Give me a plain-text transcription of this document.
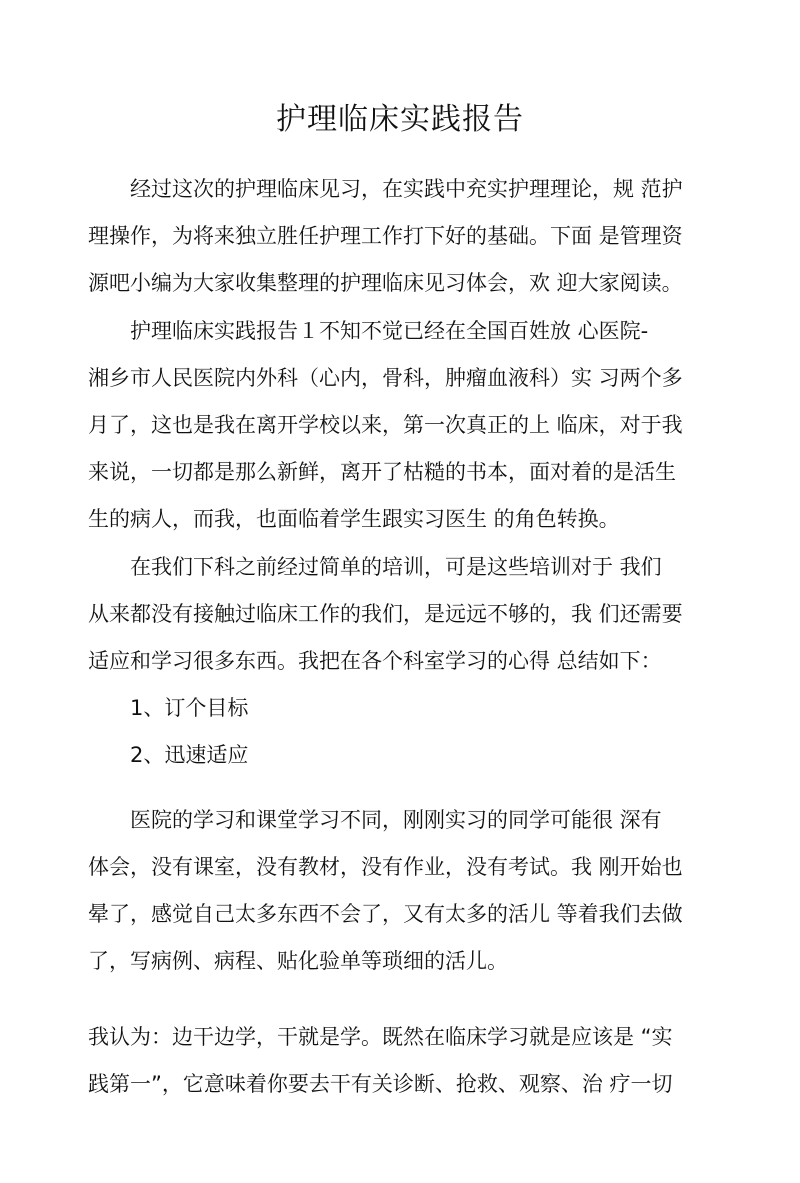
护理临床实践报告
　　经过这次的护理临床见习，在实践中充实护理理论，规 范护
理操作，为将来独立胜任护理工作打下好的基础。下面 是管理资
源吧小编为大家收集整理的护理临床见习体会，欢 迎大家阅读。
　　护理临床实践报告１不知不觉已经在全国百姓放 心医院-
湘乡市人民医院内外科（心内，骨科，肿瘤血液科）实 习两个多
月了，这也是我在离开学校以来，第一次真正的上 临床，对于我
来说，一切都是那么新鲜，离开了枯糙的书本，面对着的是活生
生的病人，而我，也面临着学生跟实习医生 的角色转换。
　　在我们下科之前经过简单的培训，可是这些培训对于 我们
从来都没有接触过临床工作的我们，是远远不够的，我 们还需要
适应和学习很多东西。我把在各个科室学习的心得 总结如下：
　　1、订个目标
　　2、迅速适应
　　医院的学习和课堂学习不同，刚刚实习的同学可能很 深有
体会，没有课室，没有教材，没有作业，没有考试。我 刚开始也
晕了，感觉自己太多东西不会了，又有太多的活儿 等着我们去做
了，写病例、病程、贴化验单等琐细的活儿。
我认为：边干边学，干就是学。既然在临床学习就是应该是 “实
践第一”，它意味着你要去干有关诊断、抢救、观察、治 疗一切
